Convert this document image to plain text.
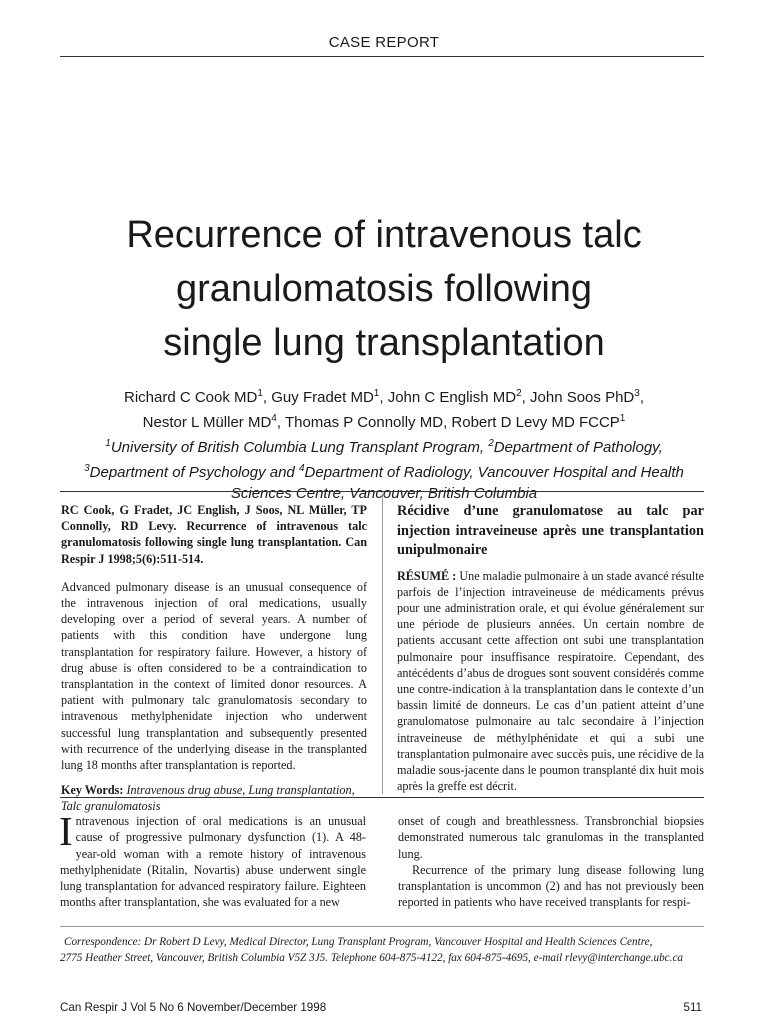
CASE REPORT
Recurrence of intravenous talc
granulomatosis following
single lung transplantation
Richard C Cook $MD^1$, Guy Fradet $MD^1$, John C English $MD^2$, John Soos PhD$^3$,
Nestor L Müller $MD^4$, Thomas P Connolly MD, Robert D Levy MD FCCP$^1$
$^1$University of British Columbia Lung Transplant Program, $^2$Department of Pathology,
$^3$Department of Psychology and $^4$Department of Radiology, Vancouver Hospital and Health
Sciences Centre, Vancouver, British Columbia

RC Cook, G Fradet, JC English, J Soos, NL Müller, TP Connolly, RD Levy. Recurrence of intravenous talc granulomatosis following single lung transplantation. Can Respir J 1998;5(6):511-514.

Advanced pulmonary disease is an unusual consequence of the intravenous injection of oral medications, usually developing over a period of several years. A number of patients with this condition have undergone lung transplantation for respiratory failure. However, a history of drug abuse is often considered to be a contraindication to transplantation in the context of limited donor resources. A patient with pulmonary talc granulomatosis secondary to intravenous methylphenidate injection who underwent successful lung transplantation and subsequently presented with recurrence of the underlying disease in the transplanted lung 18 months after transplantation is reported.

Key Words: Intravenous drug abuse, Lung transplantation, Talc granulomatosis

Récidive d’une granulomatose au talc par injection intraveineuse après une transplantation unipulmonaire

RÉSUMÉ : Une maladie pulmonaire à un stade avancé résulte parfois de l’injection intraveineuse de médicaments prévus pour une administration orale, et qui évolue généralement sur une période de plusieurs années. Un certain nombre de patients accusant cette affection ont subi une transplantation pulmonaire pour insuffisance respiratoire. Cependant, des antécédents d’abus de drogues sont souvent considérés comme une contre-indication à la transplantation dans le contexte d’un bassin limité de donneurs. Le cas d’un patient atteint d’une granulomatose pulmonaire au talc secondaire à l’injection intraveineuse de méthylphénidate et qui a subi une transplantation pulmonaire avec succès puis, une récidive de la maladie sous-jacente dans le poumon transplanté dix huit mois après la greffe est décrit.

Intravenous injection of oral medications is an unusual cause of progressive pulmonary dysfunction (1). A 48-year-old woman with a remote history of intravenous methylphenidate (Ritalin, Novartis) abuse underwent single lung transplantation for advanced respiratory failure. Eighteen months after transplantation, she was evaluated for a new

onset of cough and breathlessness. Transbronchial biopsies demonstrated numerous talc granulomas in the transplanted lung.

Recurrence of the primary lung disease following lung transplantation is uncommon (2) and has not previously been reported in patients who have received transplants for respi-

Correspondence: Dr Robert D Levy, Medical Director, Lung Transplant Program, Vancouver Hospital and Health Sciences Centre,
2775 Heather Street, Vancouver, British Columbia V5Z 3J5. Telephone 604-875-4122, fax 604-875-4695, e-mail rlevy@interchange.ubc.ca
Can Respir J Vol 5 No 6 November/December 1998	511
